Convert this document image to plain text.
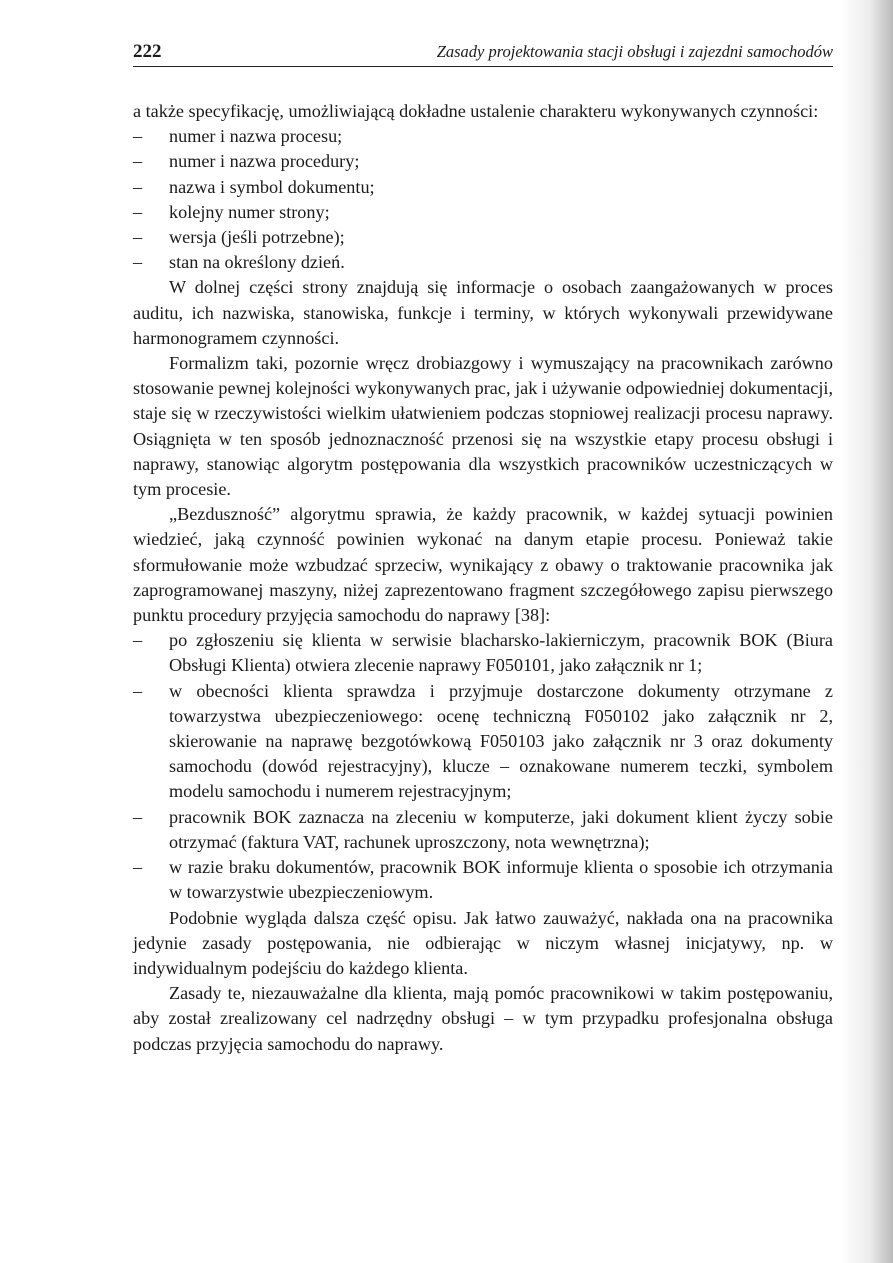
222	Zasady projektowania stacji obsługi i zajezdni samochodów

a także specyfikację, umożliwiającą dokładne ustalenie charakteru wykonywanych czynności:

– numer i nazwa procesu;
– numer i nazwa procedury;
– nazwa i symbol dokumentu;
– kolejny numer strony;
– wersja (jeśli potrzebne);
– stan na określony dzień.

W dolnej części strony znajdują się informacje o osobach zaangażowanych w proces auditu, ich nazwiska, stanowiska, funkcje i terminy, w których wykonywali przewidywane harmonogramem czynności.

Formalizm taki, pozornie wręcz drobiazgowy i wymuszający na pracownikach zarówno stosowanie pewnej kolejności wykonywanych prac, jak i używanie odpowiedniej dokumentacji, staje się w rzeczywistości wielkim ułatwieniem podczas stopniowej realizacji procesu naprawy. Osiągnięta w ten sposób jednoznaczność przenosi się na wszystkie etapy procesu obsługi i naprawy, stanowiąc algorytm postępowania dla wszystkich pracowników uczestniczących w tym procesie.

„Bezduszność” algorytmu sprawia, że każdy pracownik, w każdej sytuacji powinien wiedzieć, jaką czynność powinien wykonać na danym etapie procesu. Ponieważ takie sformułowanie może wzbudzać sprzeciw, wynikający z obawy o traktowanie pracownika jak zaprogramowanej maszyny, niżej zaprezentowano fragment szczegółowego zapisu pierwszego punktu procedury przyjęcia samochodu do naprawy [38]:

– po zgłoszeniu się klienta w serwisie blacharsko-lakierniczym, pracownik BOK (Biura Obsługi Klienta) otwiera zlecenie naprawy F050101, jako załącznik nr 1;
– w obecności klienta sprawdza i przyjmuje dostarczone dokumenty otrzymane z towarzystwa ubezpieczeniowego: ocenę techniczną F050102 jako załącznik nr 2, skierowanie na naprawę bezgotówkową F050103 jako załącznik nr 3 oraz dokumenty samochodu (dowód rejestracyjny), klucze – oznakowane numerem teczki, symbolem modelu samochodu i numerem rejestracyjnym;
– pracownik BOK zaznacza na zleceniu w komputerze, jaki dokument klient życzy sobie otrzymać (faktura VAT, rachunek uproszczony, nota wewnętrzna);
– w razie braku dokumentów, pracownik BOK informuje klienta o sposobie ich otrzymania w towarzystwie ubezpieczeniowym.

Podobnie wygląda dalsza część opisu. Jak łatwo zauważyć, nakłada ona na pracownika jedynie zasady postępowania, nie odbierając w niczym własnej inicjatywy, np. w indywidualnym podejściu do każdego klienta.

Zasady te, niezauważalne dla klienta, mają pomóc pracownikowi w takim postępowaniu, aby został zrealizowany cel nadrzędny obsługi – w tym przypadku profesjonalna obsługa podczas przyjęcia samochodu do naprawy.
